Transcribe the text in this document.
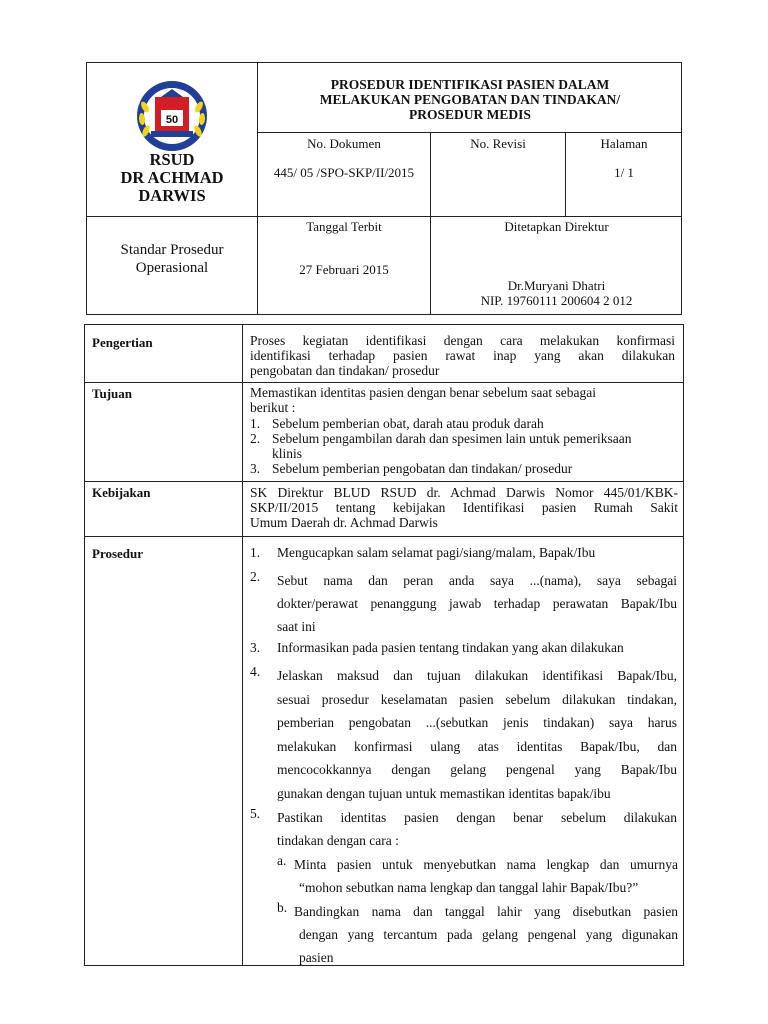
50
RSUD
DR ACHMAD
DARWIS
PROSEDUR IDENTIFIKASI PASIEN DALAM
MELAKUKAN PENGOBATAN DAN TINDAKAN/
PROSEDUR MEDIS
No. Dokumen
445/ 05 /SPO-SKP/II/2015
No. Revisi	Halaman
1/ 1
Standar Prosedur
Operasional
Tanggal Terbit
27 Februari 2015
Ditetapkan Direktur
Dr.Muryani Dhatri
NIP. 19760111 200604 2 012
Pengertian
Tujuan
Kebijakan
Prosedur
Proses kegiatan identifikasi dengan cara melakukan konfirmasi
identifikasi terhadap pasien rawat inap yang akan dilakukan
pengobatan dan tindakan/ prosedur
Memastikan identitas pasien dengan benar sebelum saat sebagai
berikut :
1. Sebelum pemberian obat, darah atau produk darah
2. Sebelum pengambilan darah dan spesimen lain untuk pemeriksaan
klinis
3. Sebelum pemberian pengobatan dan tindakan/ prosedur
SK Direktur BLUD RSUD dr. Achmad Darwis Nomor 445/01/KBK-
SKP/II/2015 tentang kebijakan Identifikasi pasien Rumah Sakit
Umum Daerah dr. Achmad Darwis
1. Mengucapkan salam selamat pagi/siang/malam, Bapak/Ibu
2. Sebut nama dan peran anda saya ...(nama), saya sebagai
dokter/perawat penanggung jawab terhadap perawatan Bapak/Ibu
saat ini
3. Informasikan pada pasien tentang tindakan yang akan dilakukan
4. Jelaskan maksud dan tujuan dilakukan identifikasi Bapak/Ibu,
sesuai prosedur keselamatan pasien sebelum dilakukan tindakan,
pemberian pengobatan ...(sebutkan jenis tindakan) saya harus
melakukan konfirmasi ulang atas identitas Bapak/Ibu, dan
mencocokkannya dengan gelang pengenal yang Bapak/Ibu
gunakan dengan tujuan untuk memastikan identitas bapak/ibu
5. Pastikan identitas pasien dengan benar sebelum dilakukan
tindakan dengan cara :
a. Minta pasien untuk menyebutkan nama lengkap dan umurnya
“mohon sebutkan nama lengkap dan tanggal lahir Bapak/Ibu?”
b. Bandingkan nama dan tanggal lahir yang disebutkan pasien
dengan yang tercantum pada gelang pengenal yang digunakan
pasien
